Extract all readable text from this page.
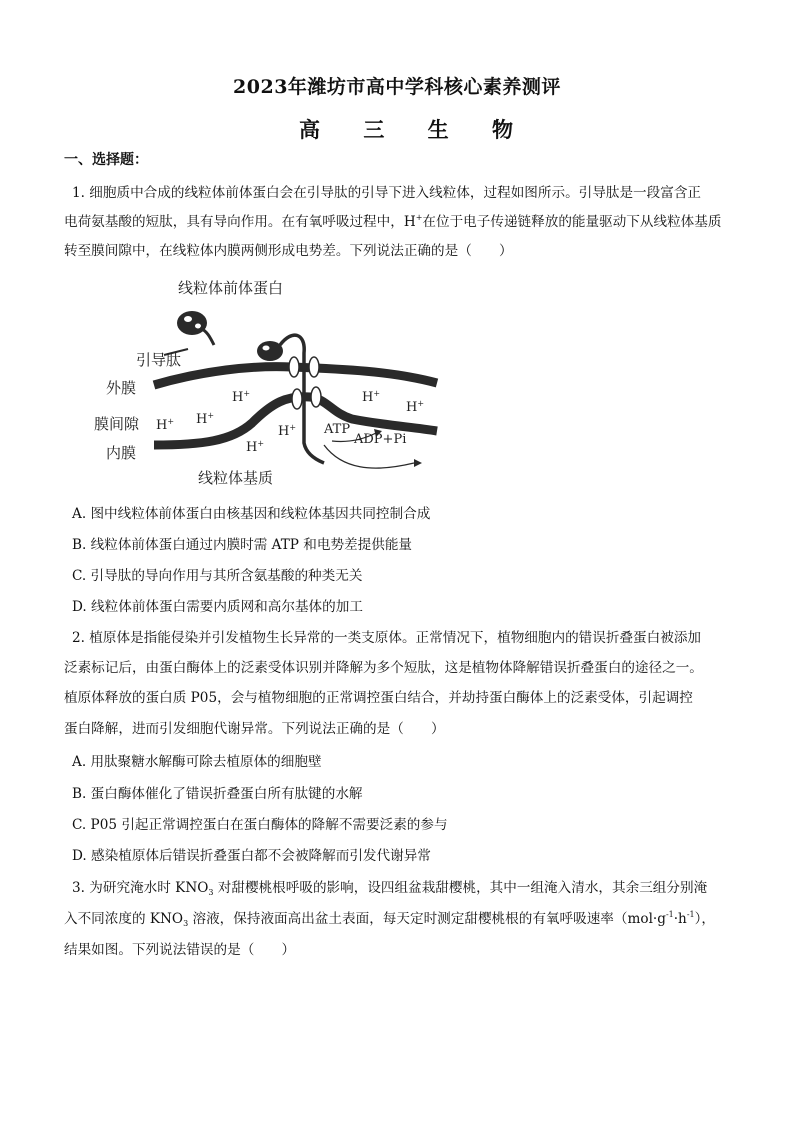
2023年潍坊市高中学科核心素养测评
高 三 生 物
一、选择题：
1. 细胞质中合成的线粒体前体蛋白会在引导肽的引导下进入线粒体，过程如图所示。引导肽是一段富含正
电荷氨基酸的短肽，具有导向作用。在有氧呼吸过程中，H+在位于电子传递链释放的能量驱动下从线粒体基质
转至膜间隙中，在线粒体内膜两侧形成电势差。下列说法正确的是（　　）
线粒体前体蛋白
引导肽
外膜
膜间隙
内膜
线粒体基质
H+
H+
H+
H+
H+
H+
H+
ATP
ADP+Pi
A. 图中线粒体前体蛋白由核基因和线粒体基因共同控制合成
B. 线粒体前体蛋白通过内膜时需 ATP 和电势差提供能量
C. 引导肽的导向作用与其所含氨基酸的种类无关
D. 线粒体前体蛋白需要内质网和高尔基体的加工
2. 植原体是指能侵染并引发植物生长异常的一类支原体。正常情况下，植物细胞内的错误折叠蛋白被添加
泛素标记后，由蛋白酶体上的泛素受体识别并降解为多个短肽，这是植物体降解错误折叠蛋白的途径之一。
植原体释放的蛋白质 P05，会与植物细胞的正常调控蛋白结合，并劫持蛋白酶体上的泛素受体，引起调控
蛋白降解，进而引发细胞代谢异常。下列说法正确的是（　　）
A. 用肽聚糖水解酶可除去植原体的细胞壁
B. 蛋白酶体催化了错误折叠蛋白所有肽键的水解
C. P05 引起正常调控蛋白在蛋白酶体的降解不需要泛素的参与
D. 感染植原体后错误折叠蛋白都不会被降解而引发代谢异常
3. 为研究淹水时 $KNO_3$ 对甜樱桃根呼吸的影响，设四组盆栽甜樱桃，其中一组淹入清水，其余三组分别淹
入不同浓度的 $KNO_3$ 溶液，保持液面高出盆土表面，每天定时测定甜樱桃根的有氧呼吸速率$(mol\cdot g^{-1}\cdot h^{-1})$，
结果如图。下列说法错误的是（　　）
